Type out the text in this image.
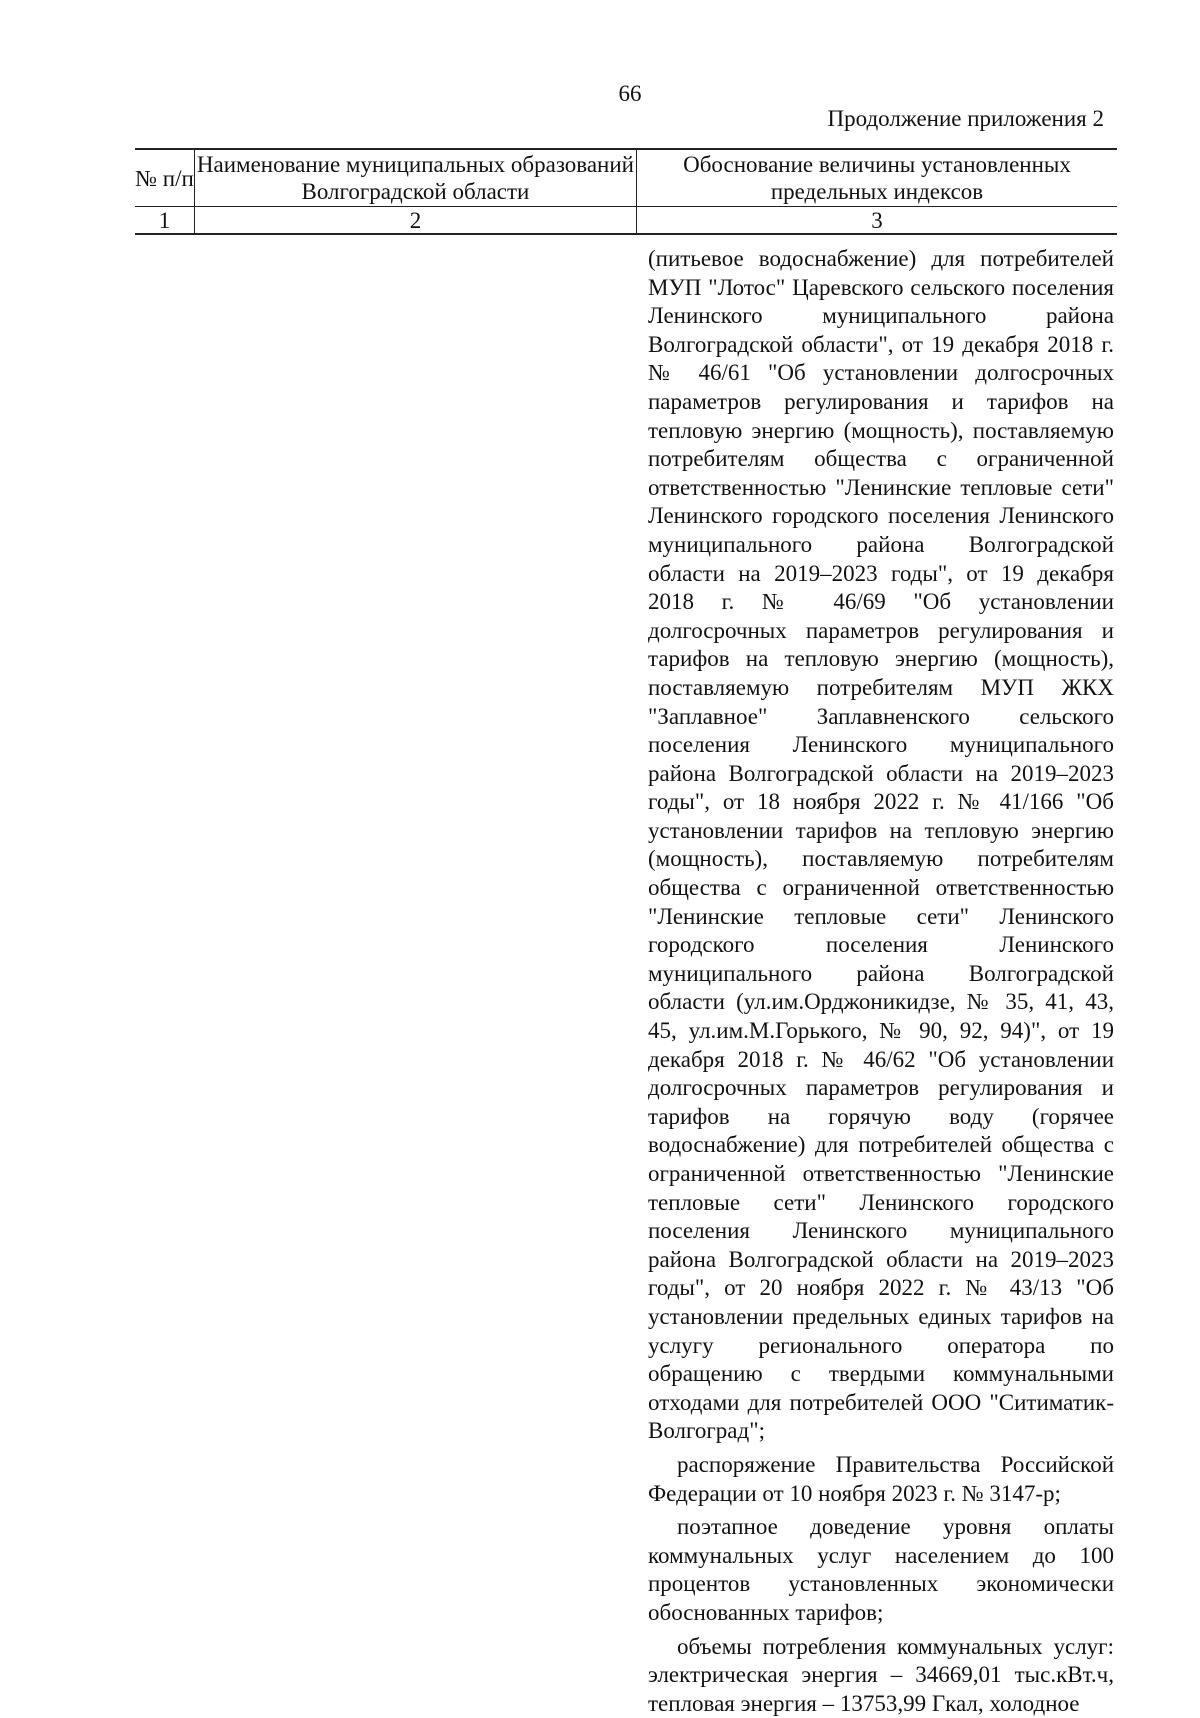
66
Продолжение приложения 2
№ п/п	Наименование муниципальных образований Волгоградской области	Обоснование величины установленных предельных индексов
1	2	3

(питьевое водоснабжение) для потребителей МУП "Лотос" Царевского сельского поселения Ленинского муниципального района Волгоградской области", от 19 декабря 2018 г. № 46/61 "Об установлении долгосрочных параметров регулирования и тарифов на тепловую энергию (мощность), поставляемую потребителям общества с ограниченной ответственностью "Ленинские тепловые сети" Ленинского городского поселения Ленинского муниципального района Волгоградской области на 2019–2023 годы", от 19 декабря 2018 г. № 46/69 "Об установлении долгосрочных параметров регулирования и тарифов на тепловую энергию (мощность), поставляемую потребителям МУП ЖКХ "Заплавное" Заплавненского сельского поселения Ленинского муниципального района Волгоградской области на 2019–2023 годы", от 18 ноября 2022 г. № 41/166 "Об установлении тарифов на тепловую энергию (мощность), поставляемую потребителям общества с ограниченной ответственностью "Ленинские тепловые сети" Ленинского городского поселения Ленинского муниципального района Волгоградской области (ул.им.Орджоникидзе, № 35, 41, 43, 45, ул.им.М.Горького, № 90, 92, 94)", от 19 декабря 2018 г. № 46/62 "Об установлении долгосрочных параметров регулирования и тарифов на горячую воду (горячее водоснабжение) для потребителей общества с ограниченной ответственностью "Ленинские тепловые сети" Ленинского городского поселения Ленинского муниципального района Волгоградской области на 2019–2023 годы", от 20 ноября 2022 г. № 43/13 "Об установлении предельных единых тарифов на услугу регионального оператора по обращению с твердыми коммунальными отходами для потребителей ООО "Ситиматик-Волгоград";

распоряжение Правительства Российской Федерации от 10 ноября 2023 г. № 3147-р;

поэтапное доведение уровня оплаты коммунальных услуг населением до 100 процентов установленных экономически обоснованных тарифов;

объемы потребления коммунальных услуг: электрическая энергия – 34669,01 тыс.кВт.ч, тепловая энергия – 13753,99 Гкал, холодное
